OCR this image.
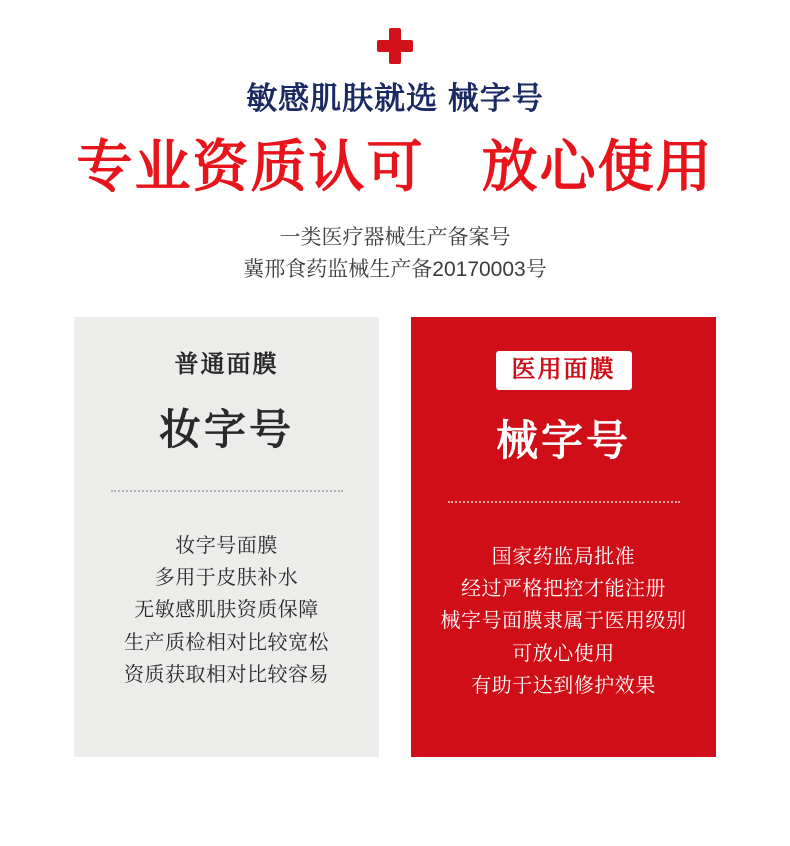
敏感肌肤就选 械字号
专业资质认可 放心使用
一类医疗器械生产备案号
冀邢食药监械生产备20170003号
普通面膜
妆字号
妆字号面膜
多用于皮肤补水
无敏感肌肤资质保障
生产质检相对比较宽松
资质获取相对比较容易
医用面膜
械字号
国家药监局批准
经过严格把控才能注册
械字号面膜隶属于医用级别
可放心使用
有助于达到修护效果
